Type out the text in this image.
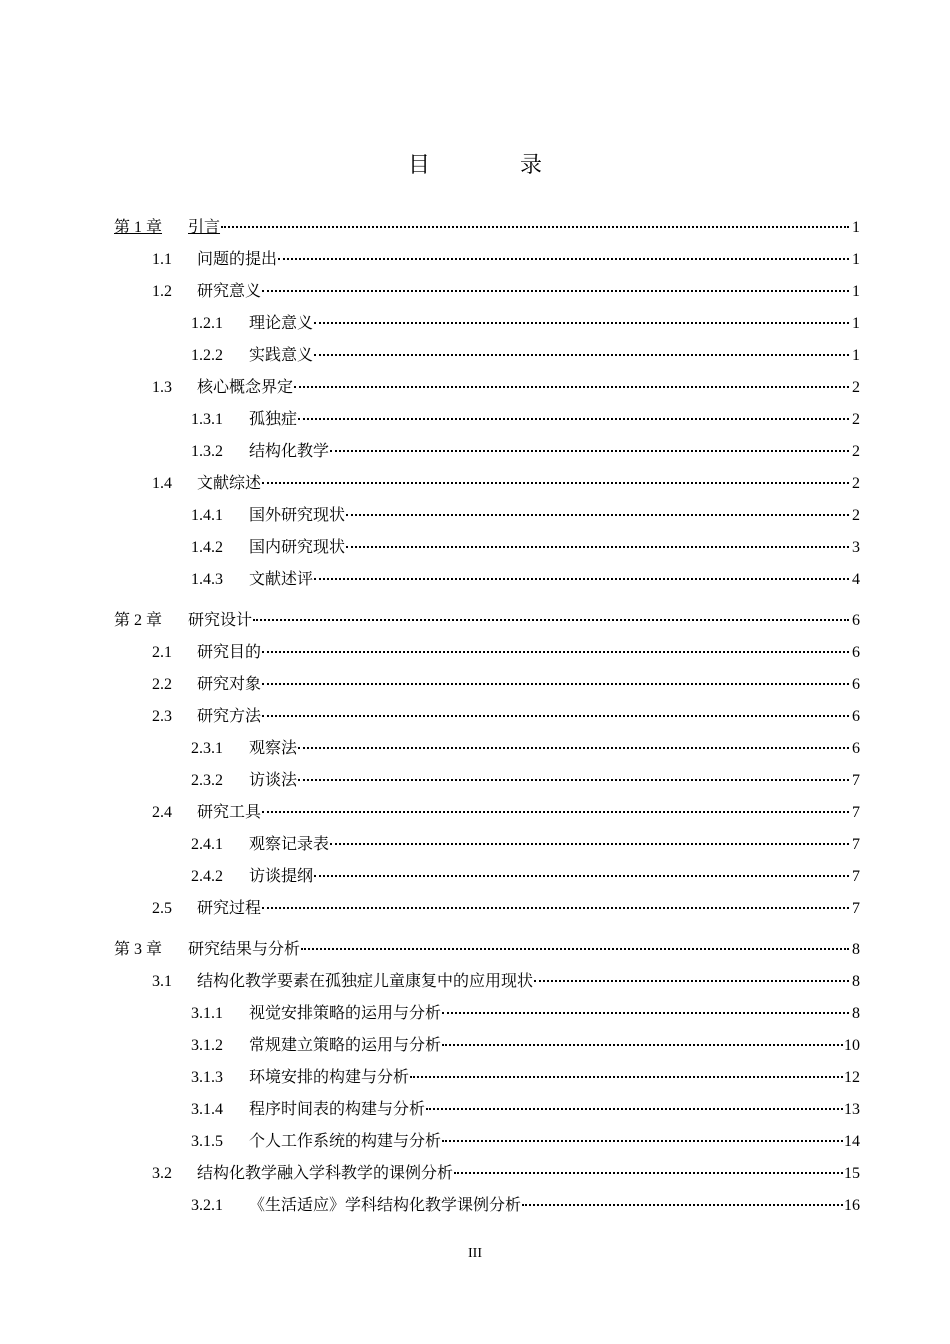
目　录
第 1 章	引言	1
1.1	问题的提出	1
1.2	研究意义	1
1.2.1	理论意义	1
1.2.2	实践意义	1
1.3	核心概念界定	2
1.3.1	孤独症	2
1.3.2	结构化教学	2
1.4	文献综述	2
1.4.1	国外研究现状	2
1.4.2	国内研究现状	3
1.4.3	文献述评	4
第 2 章	研究设计	6
2.1	研究目的	6
2.2	研究对象	6
2.3	研究方法	6
2.3.1	观察法	6
2.3.2	访谈法	7
2.4	研究工具	7
2.4.1	观察记录表	7
2.4.2	访谈提纲	7
2.5	研究过程	7
第 3 章	研究结果与分析	8
3.1	结构化教学要素在孤独症儿童康复中的应用现状	8
3.1.1	视觉安排策略的运用与分析	8
3.1.2	常规建立策略的运用与分析	10
3.1.3	环境安排的构建与分析	12
3.1.4	程序时间表的构建与分析	13
3.1.5	个人工作系统的构建与分析	14
3.2	结构化教学融入学科教学的课例分析	15
3.2.1	《生活适应》学科结构化教学课例分析	16
III
